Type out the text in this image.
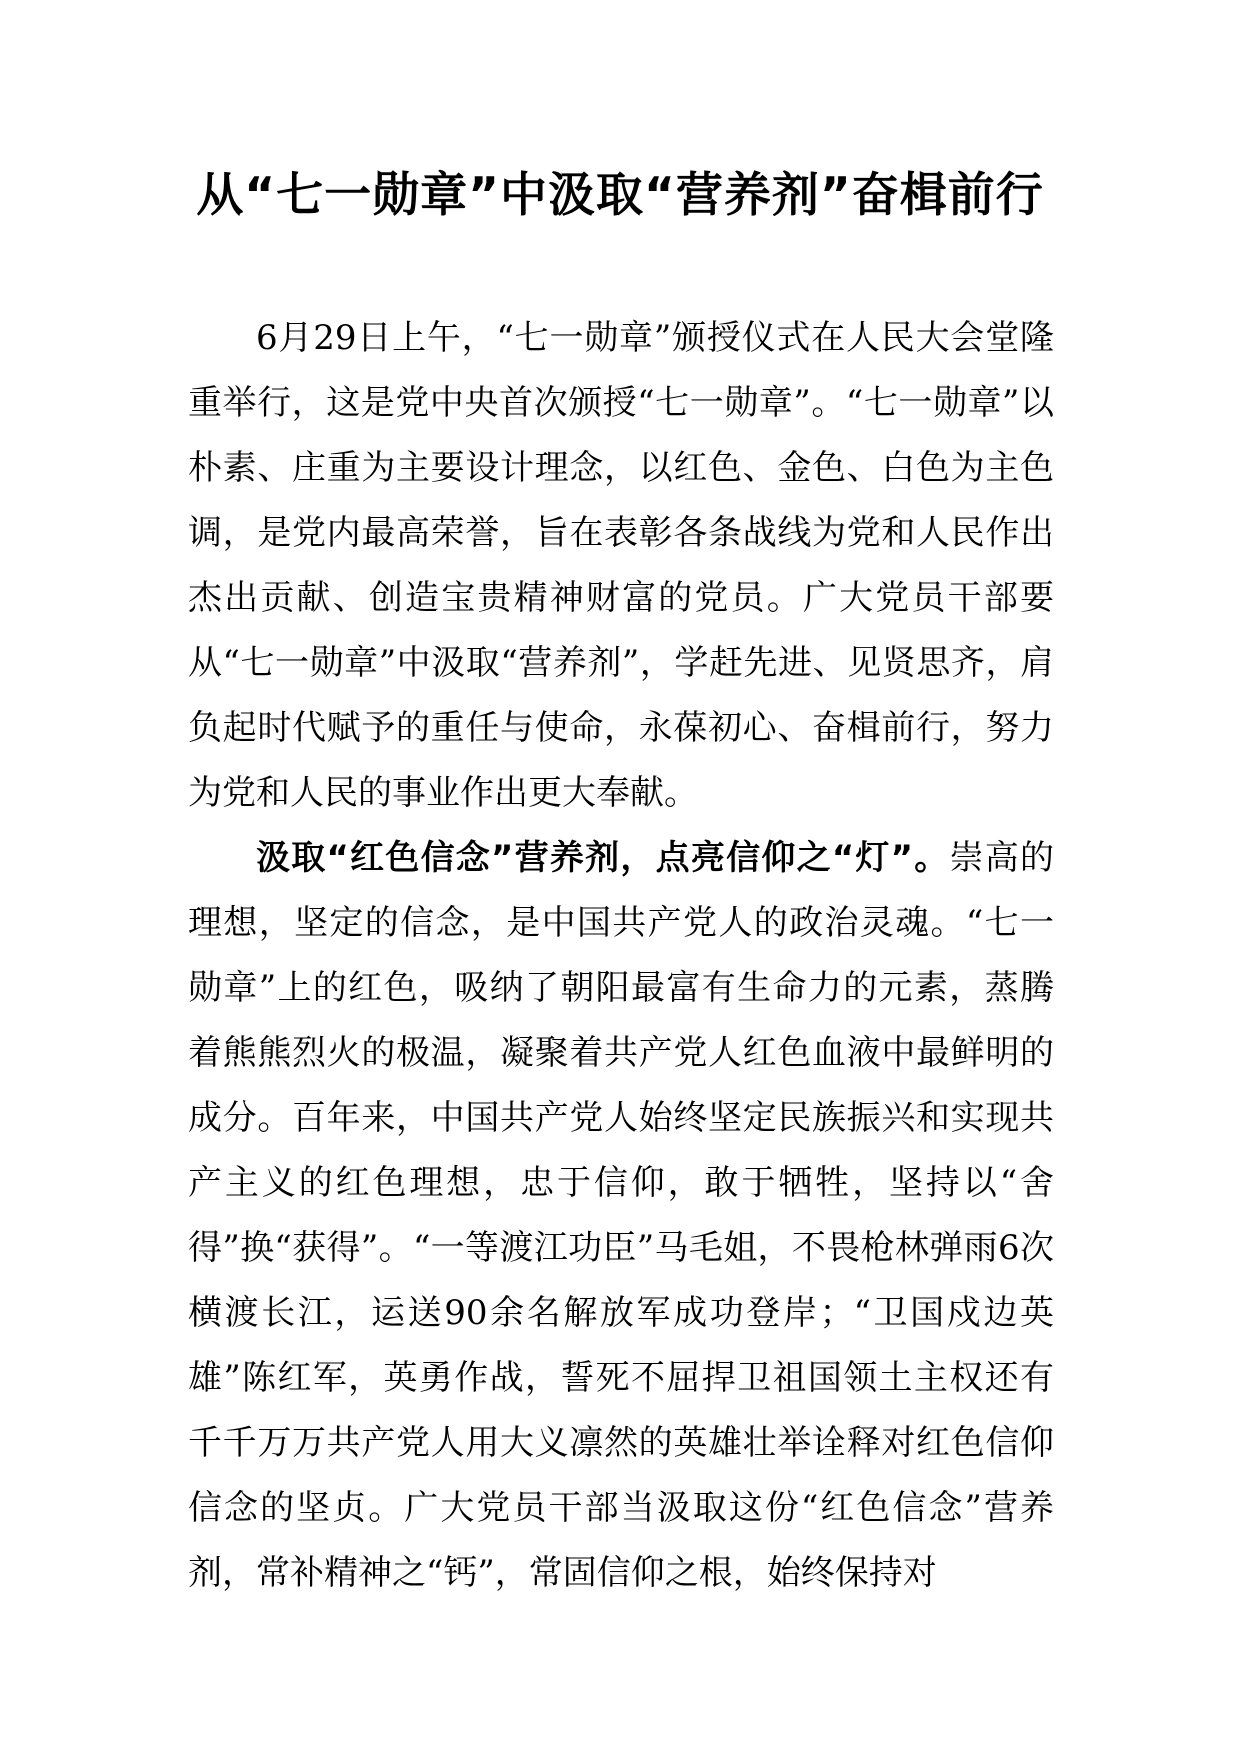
从“七一勋章”中汲取“营养剂”奋楫前行

6月29日上午，“七一勋章”颁授仪式在人民大会堂隆重举行，这是党中央首次颁授“七一勋章”。“七一勋章”以朴素、庄重为主要设计理念，以红色、金色、白色为主色调，是党内最高荣誉，旨在表彰各条战线为党和人民作出杰出贡献、创造宝贵精神财富的党员。广大党员干部要从“七一勋章”中汲取“营养剂”，学赶先进、见贤思齐，肩负起时代赋予的重任与使命，永葆初心、奋楫前行，努力为党和人民的事业作出更大奉献。

汲取“红色信念”营养剂，点亮信仰之“灯”。崇高的理想，坚定的信念，是中国共产党人的政治灵魂。“七一勋章”上的红色，吸纳了朝阳最富有生命力的元素，蒸腾着熊熊烈火的极温，凝聚着共产党人红色血液中最鲜明的成分。百年来，中国共产党人始终坚定民族振兴和实现共产主义的红色理想，忠于信仰，敢于牺牲，坚持以“舍得”换“获得”。“一等渡江功臣”马毛姐，不畏枪林弹雨6次横渡长江，运送90余名解放军成功登岸；“卫国戍边英雄”陈红军，英勇作战，誓死不屈捍卫祖国领土主权还有千千万万共产党人用大义凛然的英雄壮举诠释对红色信仰信念的坚贞。广大党员干部当汲取这份“红色信念”营养剂，常补精神之“钙”，常固信仰之根，始终保持对
